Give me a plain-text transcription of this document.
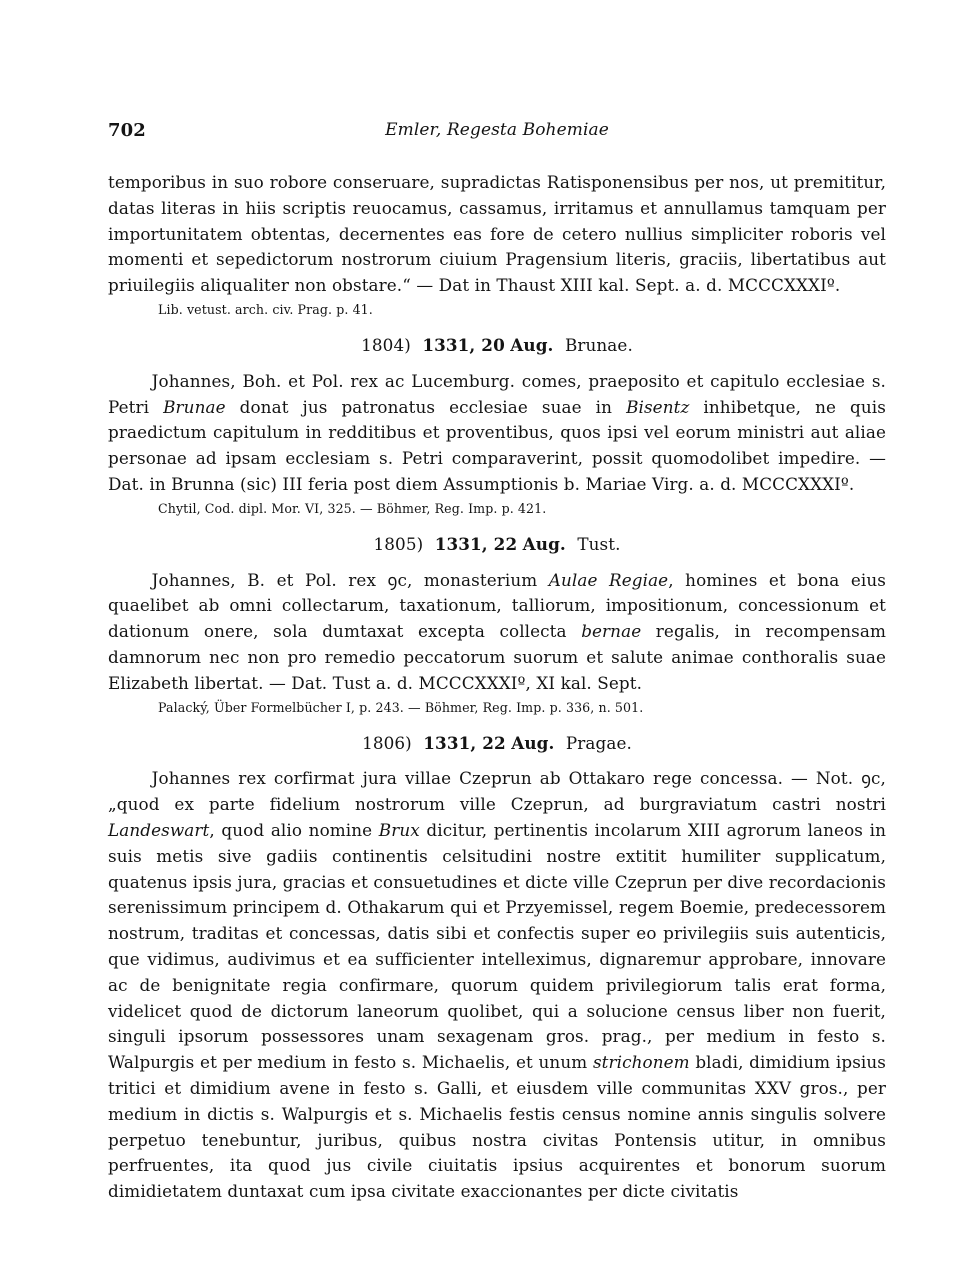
702	Emler, Regesta Bohemiae

temporibus in suo robore conseruare, supradictas Ratisponensibus per nos, ut premititur, datas literas in hiis scriptis reuocamus, cassamus, irritamus et annullamus tamquam per importunitatem obtentas, decernentes eas fore de cetero nullius simpliciter roboris vel momenti et sepedictorum nostrorum ciuium Pragensium literis, graciis, libertatibus aut priuilegiis aliqualiter non obstare.“ — Dat in Thaust XIII kal. Sept. a. d. MCCCXXXIº.

Lib. vetust. arch. civ. Prag. p. 41.
1804) 1331, 20 Aug. Brunae.

Johannes, Boh. et Pol. rex ac Lucemburg. comes, praeposito et capitulo ecclesiae s. Petri Brunae donat jus patronatus ecclesiae suae in Bisentz inhibetque, ne quis praedictum capitulum in redditibus et proventibus, quos ipsi vel eorum ministri aut aliae personae ad ipsam ecclesiam s. Petri comparaverint, possit quomodolibet impedire. — Dat. in Brunna (sic) III feria post diem Assumptionis b. Mariae Virg. a. d. MCCCXXXIº.

Chytil, Cod. dipl. Mor. VI, 325. — Böhmer, Reg. Imp. p. 421.
1805) 1331, 22 Aug. Tust.

Johannes, B. et Pol. rex ꝯc, monasterium Aulae Regiae, homines et bona eius quaelibet ab omni collectarum, taxationum, talliorum, impositionum, concessionum et dationum onere, sola dumtaxat excepta collecta bernae regalis, in recompensam damnorum nec non pro remedio peccatorum suorum et salute animae conthoralis suae Elizabeth libertat. — Dat. Tust a. d. MCCCXXXIº, XI kal. Sept.

Palacký, Über Formelbücher I, p. 243. — Böhmer, Reg. Imp. p. 336, n. 501.
1806) 1331, 22 Aug. Pragae.

Johannes rex corfirmat jura villae Czeprun ab Ottakaro rege concessa. — Not. ꝯc, „quod ex parte fidelium nostrorum ville Czeprun, ad burgraviatum castri nostri Landeswart, quod alio nomine Brux dicitur, pertinentis incolarum XIII agrorum laneos in suis metis sive gadiis continentis celsitudini nostre extitit humiliter supplicatum, quatenus ipsis jura, gracias et consuetudines et dicte ville Czeprun per dive recordacionis serenissimum principem d. Othakarum qui et Przyemissel, regem Boemie, predecessorem nostrum, traditas et concessas, datis sibi et confectis super eo privilegiis suis autenticis, que vidimus, audivimus et ea sufficienter intelleximus, dignaremur approbare, innovare ac de benignitate regia confirmare, quorum quidem privilegiorum talis erat forma, videlicet quod de dictorum laneorum quolibet, qui a solucione census liber non fuerit, singuli ipsorum possessores unam sexagenam gros. prag., per medium in festo s. Walpurgis et per medium in festo s. Michaelis, et unum strichonem bladi, dimidium ipsius tritici et dimidium avene in festo s. Galli, et eiusdem ville communitas XXV gros., per medium in dictis s. Walpurgis et s. Michaelis festis census nomine annis singulis solvere perpetuo tenebuntur, juribus, quibus nostra civitas Pontensis utitur, in omnibus perfruentes, ita quod jus civile ciuitatis ipsius acquirentes et bonorum suorum dimidietatem duntaxat cum ipsa civitate exaccionantes per dicte civitatis
